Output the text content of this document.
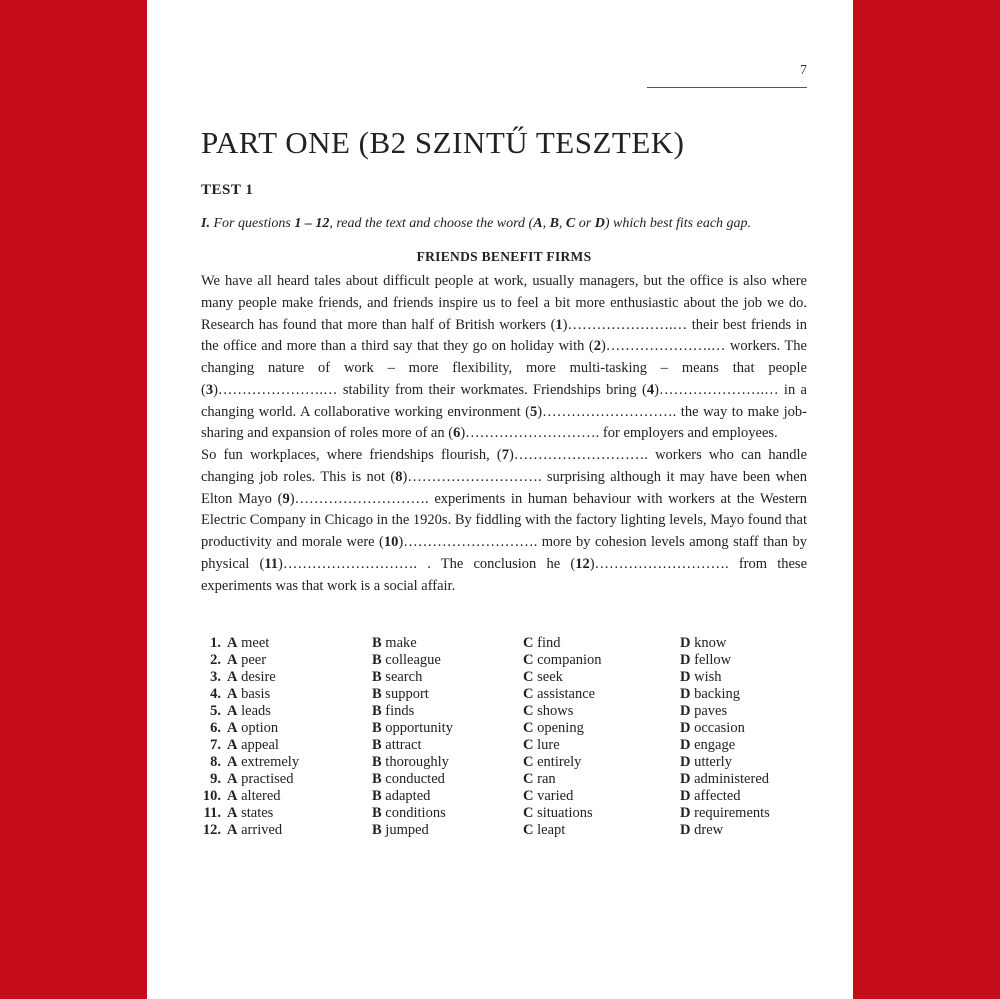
7
PART ONE (B2 SZINTŰ TESZTEK)
TEST 1

I. For questions 1 – 12, read the text and choose the word (A, B, C or D) which best fits each gap.

FRIENDS BENEFIT FIRMS

We have all heard tales about difficult people at work, usually managers, but the office is also where many people make friends, and friends inspire us to feel a bit more enthusiastic about the job we do. Research has found that more than half of British workers (1)………………….… their best friends in the office and more than a third say that they go on holiday with (2)………………….… workers. The changing nature of work – more flexibility, more multi-tasking – means that people (3)………………….… stability from their workmates. Friendships bring (4)………………….… in a changing world. A collaborative working environment (5)………………………. the way to make job-sharing and expansion of roles more of an (6)………………………. for employers and employees.

So fun workplaces, where friendships flourish, (7)………………………. workers who can handle changing job roles. This is not (8)………………………. surprising although it may have been when Elton Mayo (9)………………………. experiments in human behaviour with workers at the Western Electric Company in Chicago in the 1920s. By fiddling with the factory lighting levels, Mayo found that productivity and morale were (10)………………………. more by cohesion levels among staff than by physical (11)………………………. . The conclusion he (12)………………………. from these experiments was that work is a social affair.

1.	A meet	B make	C find	D know
2.	A peer	B colleague	C companion	D fellow
3.	A desire	B search	C seek	D wish
4.	A basis	B support	C assistance	D backing
5.	A leads	B finds	C shows	D paves
6.	A option	B opportunity	C opening	D occasion
7.	A appeal	B attract	C lure	D engage
8.	A extremely	B thoroughly	C entirely	D utterly
9.	A practised	B conducted	C ran	D administered
10.	A altered	B adapted	C varied	D affected
11.	A states	B conditions	C situations	D requirements
12.	A arrived	B jumped	C leapt	D drew
